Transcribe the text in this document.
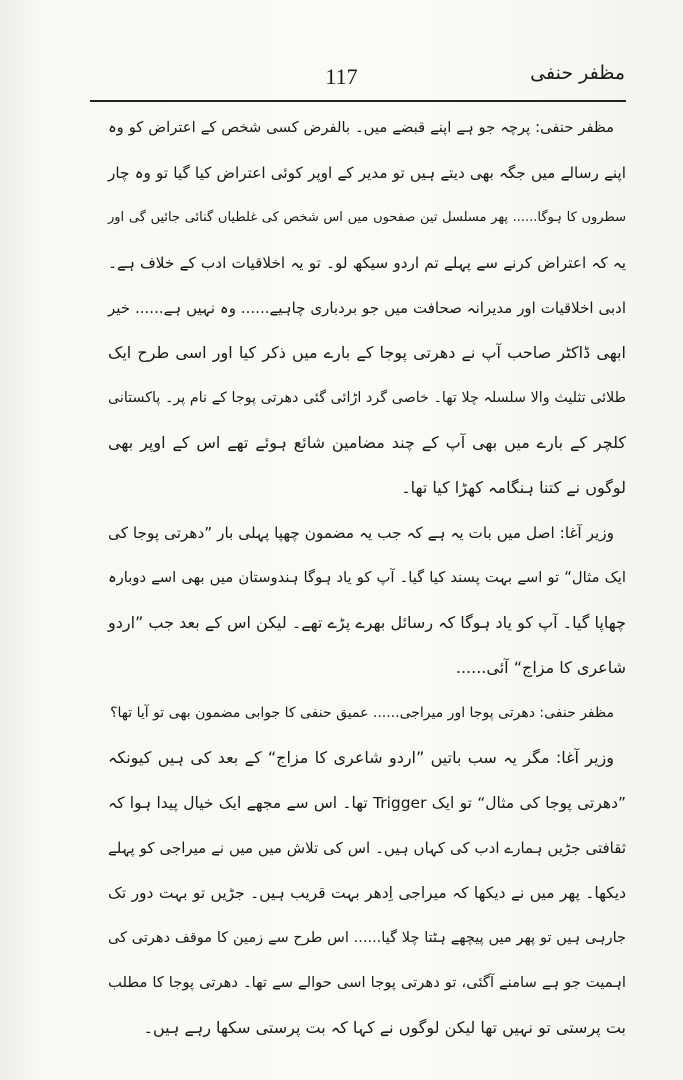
مظفر حنفی
117
مظفر حنفی: پرچہ جو ہے اپنے قبضے میں۔ بالفرض کسی شخص کے اعتراض کو وہ
اپنے رسالے میں جگہ بھی دیتے ہیں تو مدیر کے اوپر کوئی اعتراض کیا گیا تو وہ چار
سطروں کا ہوگا...... پھر مسلسل تین صفحوں میں اس شخص کی غلطیاں گنائی جائیں گی اور
یہ کہ اعتراض کرنے سے پہلے تم اردو سیکھ لو۔ تو یہ اخلاقیات ادب کے خلاف ہے۔
ادبی اخلاقیات اور مدیرانہ صحافت میں جو بردباری چاہیے...... وہ نہیں ہے...... خیر
ابھی ڈاکٹر صاحب آپ نے دھرتی پوجا کے بارے میں ذکر کیا اور اسی طرح ایک
طلائی تثلیث والا سلسلہ چلا تھا۔ خاصی گرد اڑائی گئی دھرتی پوجا کے نام پر۔ پاکستانی
کلچر کے بارے میں بھی آپ کے چند مضامین شائع ہوئے تھے اس کے اوپر بھی
لوگوں نے کتنا ہنگامہ کھڑا کیا تھا۔
وزیر آغا: اصل میں بات یہ ہے کہ جب یہ مضمون چھپا پہلی بار ”دھرتی پوجا کی
ایک مثال“ تو اسے بہت پسند کیا گیا۔ آپ کو یاد ہوگا ہندوستان میں بھی اسے دوبارہ
چھاپا گیا۔ آپ کو یاد ہوگا کہ رسائل بھرے پڑے تھے۔ لیکن اس کے بعد جب ”اردو
شاعری کا مزاج“ آئی......
مظفر حنفی: دھرتی پوجا اور میراجی...... عمیق حنفی کا جوابی مضمون بھی تو آیا تھا؟
وزیر آغا: مگر یہ سب باتیں ”اردو شاعری کا مزاج“ کے بعد کی ہیں کیونکہ
”دھرتی پوجا کی مثال“ تو ایک Trigger تھا۔ اس سے مجھے ایک خیال پیدا ہوا کہ
ثقافتی جڑیں ہمارے ادب کی کہاں ہیں۔ اس کی تلاش میں میں نے میراجی کو پہلے
دیکھا۔ پھر میں نے دیکھا کہ میراجی اِدھر بہت قریب ہیں۔ جڑیں تو بہت دور تک
جارہی ہیں تو پھر میں پیچھے ہٹتا چلا گیا...... اس طرح سے زمین کا موقف دھرتی کی
اہمیت جو ہے سامنے آگئی، تو دھرتی پوجا اسی حوالے سے تھا۔ دھرتی پوجا کا مطلب
بت پرستی تو نہیں تھا لیکن لوگوں نے کہا کہ بت پرستی سکھا رہے ہیں۔
